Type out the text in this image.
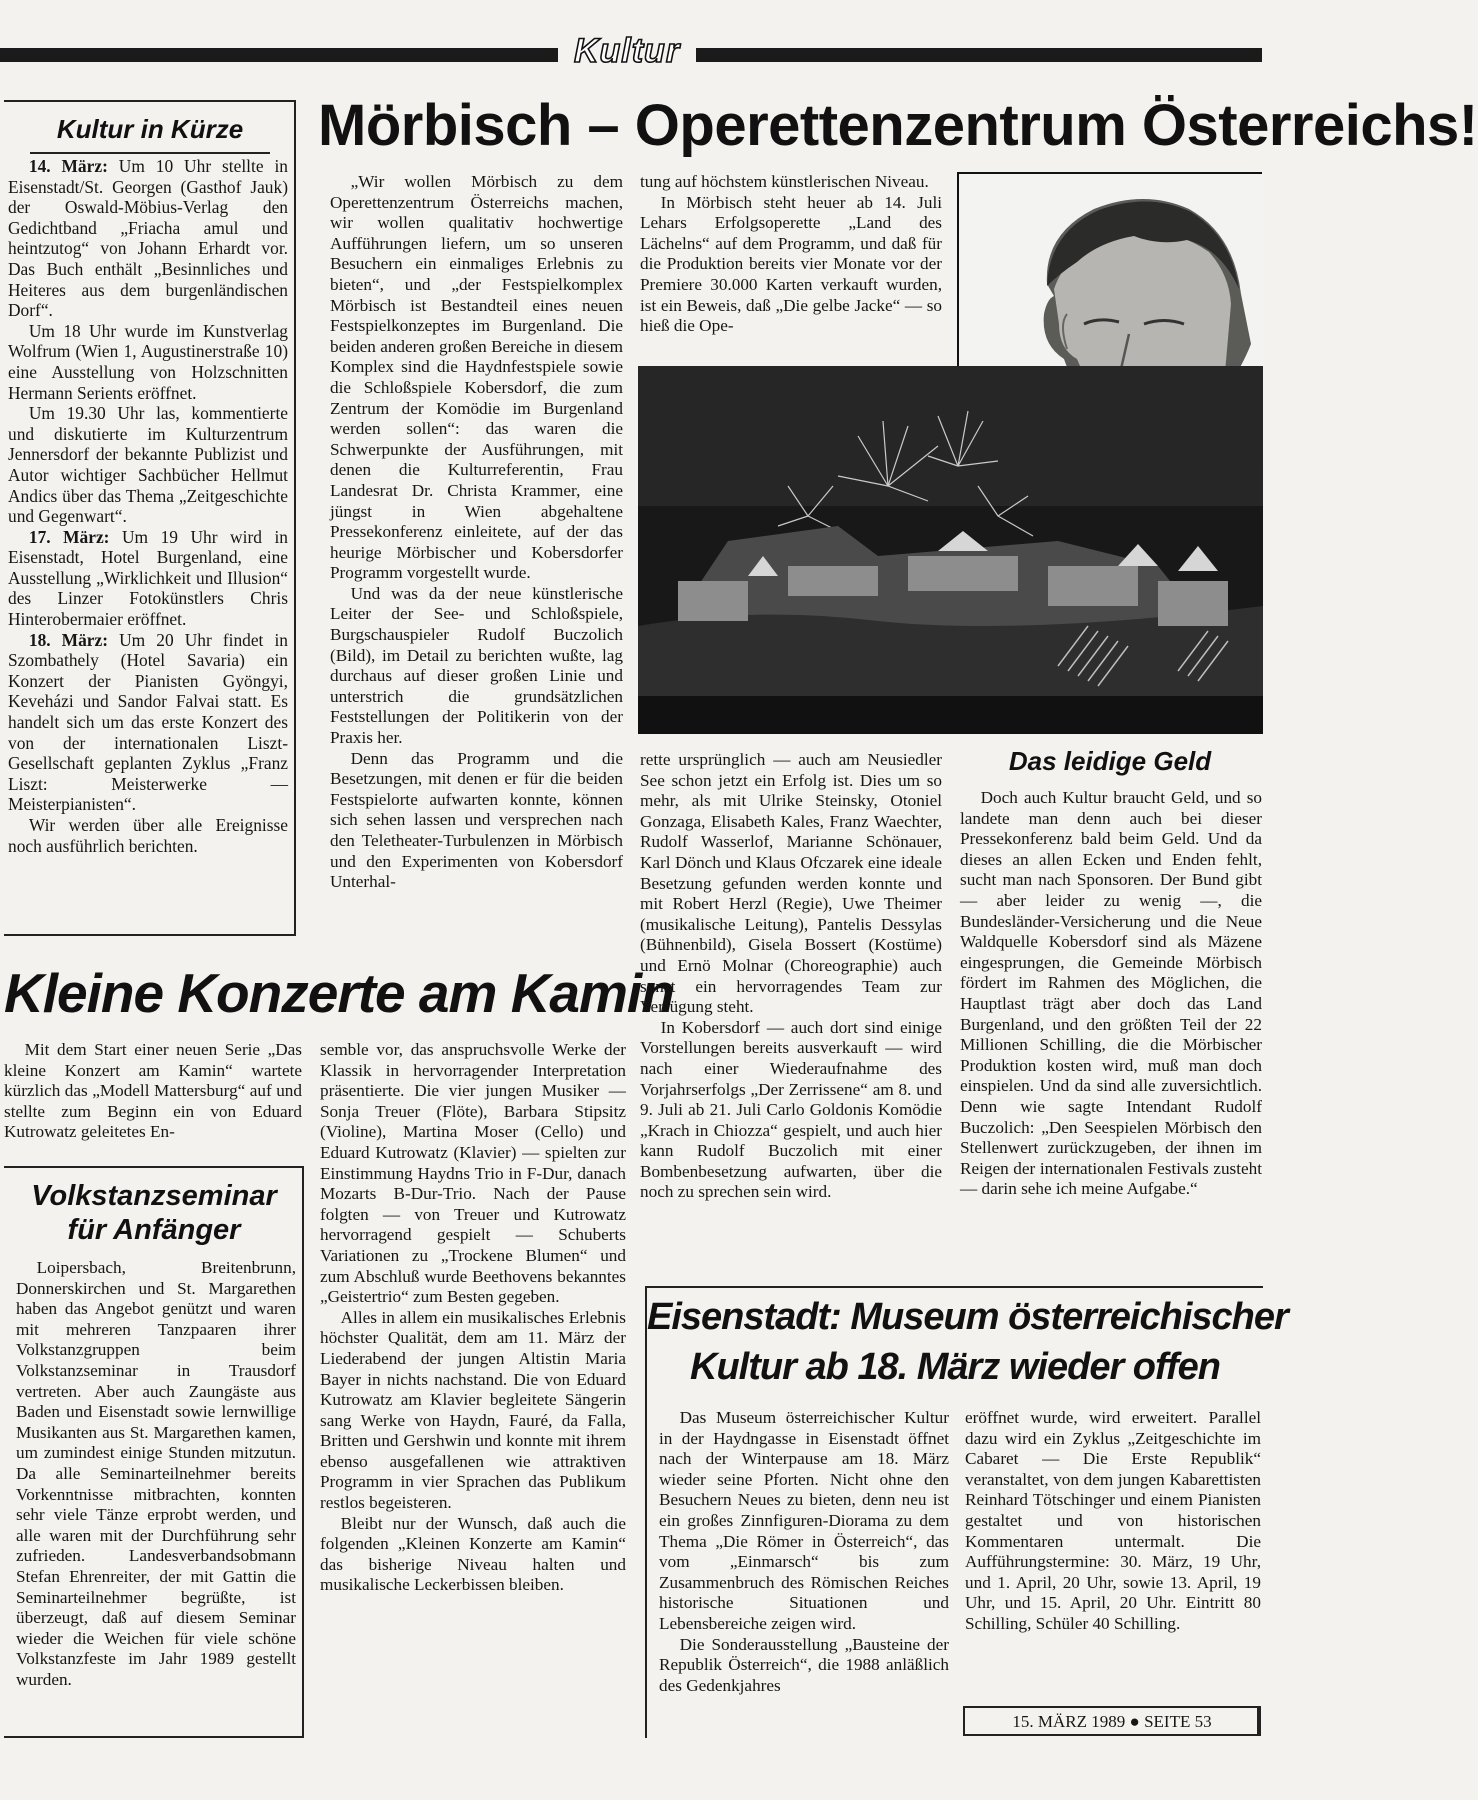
Kultur
Kultur in Kürze

14. März: Um 10 Uhr stellte in Eisenstadt/St. Georgen (Gasthof Jauk) der Oswald-Möbius-Verlag den Gedichtband „Friacha amul und heintzutog“ von Johann Erhardt vor. Das Buch enthält „Besinnliches und Heiteres aus dem burgenländischen Dorf“.

Um 18 Uhr wurde im Kunstverlag Wolfrum (Wien 1, Augustinerstraße 10) eine Ausstellung von Holzschnitten Hermann Serients eröffnet.

Um 19.30 Uhr las, kommentierte und diskutierte im Kulturzentrum Jennersdorf der bekannte Publizist und Autor wichtiger Sachbücher Hellmut Andics über das Thema „Zeitgeschichte und Gegenwart“.

17. März: Um 19 Uhr wird in Eisenstadt, Hotel Burgenland, eine Ausstellung „Wirklichkeit und Illusion“ des Linzer Fotokünstlers Chris Hinterobermaier eröffnet.

18. März: Um 20 Uhr findet in Szombathely (Hotel Savaria) ein Konzert der Pianisten Gyöngyi, Keveházi und Sandor Falvai statt. Es handelt sich um das erste Konzert des von der internationalen Liszt-Gesellschaft geplanten Zyklus „Franz Liszt: Meisterwerke — Meisterpianisten“.

Wir werden über alle Ereignisse noch ausführlich berichten.

Mörbisch – Operettenzentrum Österreichs!

„Wir wollen Mörbisch zu dem Operettenzentrum Österreichs machen, wir wollen qualitativ hochwertige Aufführungen liefern, um so unseren Besuchern ein einmaliges Erlebnis zu bieten“, und „der Festspielkomplex Mörbisch ist Bestandteil eines neuen Festspielkonzeptes im Burgenland. Die beiden anderen großen Bereiche in diesem Komplex sind die Haydnfestspiele sowie die Schloßspiele Kobersdorf, die zum Zentrum der Komödie im Burgenland werden sollen“: das waren die Schwerpunkte der Ausführungen, mit denen die Kulturreferentin, Frau Landesrat Dr. Christa Krammer, eine jüngst in Wien abgehaltene Pressekonferenz einleitete, auf der das heurige Mörbischer und Kobersdorfer Programm vorgestellt wurde.

Und was da der neue künstlerische Leiter der See- und Schloßspiele, Burgschauspieler Rudolf Buczolich (Bild), im Detail zu berichten wußte, lag durchaus auf dieser großen Linie und unterstrich die grundsätzlichen Feststellungen der Politikerin von der Praxis her.

Denn das Programm und die Besetzungen, mit denen er für die beiden Festspielorte aufwarten konnte, können sich sehen lassen und versprechen nach den Teletheater-Turbulenzen in Mörbisch und den Experimenten von Kobersdorf Unterhal-

tung auf höchstem künstlerischen Niveau.

In Mörbisch steht heuer ab 14. Juli Lehars Erfolgsoperette „Land des Lächelns“ auf dem Programm, und daß für die Produktion bereits vier Monate vor der Premiere 30.000 Karten verkauft wurden, ist ein Beweis, daß „Die gelbe Jacke“ — so hieß die Ope-

rette ursprünglich — auch am Neusiedler See schon jetzt ein Erfolg ist. Dies um so mehr, als mit Ulrike Steinsky, Otoniel Gonzaga, Elisabeth Kales, Franz Waechter, Rudolf Wasserlof, Marianne Schönauer, Karl Dönch und Klaus Ofczarek eine ideale Besetzung gefunden werden konnte und mit Robert Herzl (Regie), Uwe Theimer (musikalische Leitung), Pantelis Dessylas (Bühnenbild), Gisela Bossert (Kostüme) und Ernö Molnar (Choreographie) auch sonst ein hervorragendes Team zur Verfügung steht.

In Kobersdorf — auch dort sind einige Vorstellungen bereits ausverkauft — wird nach einer Wiederaufnahme des Vorjahrserfolgs „Der Zerrissene“ am 8. und 9. Juli ab 21. Juli Carlo Goldonis Komödie „Krach in Chiozza“ gespielt, und auch hier kann Rudolf Buczolich mit einer Bombenbesetzung aufwarten, über die noch zu sprechen sein wird.

Das leidige Geld

Doch auch Kultur braucht Geld, und so landete man denn auch bei dieser Pressekonferenz bald beim Geld. Und da dieses an allen Ecken und Enden fehlt, sucht man nach Sponsoren. Der Bund gibt — aber leider zu wenig —, die Bundesländer-Versicherung und die Neue Waldquelle Kobersdorf sind als Mäzene eingesprungen, die Gemeinde Mörbisch fördert im Rahmen des Möglichen, die Hauptlast trägt aber doch das Land Burgenland, und den größten Teil der 22 Millionen Schilling, die die Mörbischer Produktion kosten wird, muß man doch einspielen. Und da sind alle zuversichtlich. Denn wie sagte Intendant Rudolf Buczolich: „Den Seespielen Mörbisch den Stellenwert zurückzugeben, der ihnen im Reigen der internationalen Festivals zusteht — darin sehe ich meine Aufgabe.“

Kleine Konzerte am Kamin

Mit dem Start einer neuen Serie „Das kleine Konzert am Kamin“ wartete kürzlich das „Modell Mattersburg“ auf und stellte zum Beginn ein von Eduard Kutrowatz geleitetes En-

semble vor, das anspruchsvolle Werke der Klassik in hervorragender Interpretation präsentierte. Die vier jungen Musiker — Sonja Treuer (Flöte), Barbara Stipsitz (Violine), Martina Moser (Cello) und Eduard Kutrowatz (Klavier) — spielten zur Einstimmung Haydns Trio in F-Dur, danach Mozarts B-Dur-Trio. Nach der Pause folgten — von Treuer und Kutrowatz hervorragend gespielt — Schuberts Variationen zu „Trockene Blumen“ und zum Abschluß wurde Beethovens bekanntes „Geistertrio“ zum Besten gegeben.

Alles in allem ein musikalisches Erlebnis höchster Qualität, dem am 11. März der Liederabend der jungen Altistin Maria Bayer in nichts nachstand. Die von Eduard Kutrowatz am Klavier begleitete Sängerin sang Werke von Haydn, Fauré, da Falla, Britten und Gershwin und konnte mit ihrem ebenso ausgefallenen wie attraktiven Programm in vier Sprachen das Publikum restlos begeisteren.

Bleibt nur der Wunsch, daß auch die folgenden „Kleinen Konzerte am Kamin“ das bisherige Niveau halten und musikalische Leckerbissen bleiben.

Volkstanzseminar
für Anfänger

Loipersbach, Breitenbrunn, Donnerskirchen und St. Margarethen haben das Angebot genützt und waren mit mehreren Tanzpaaren ihrer Volkstanzgruppen beim Volkstanzseminar in Trausdorf vertreten. Aber auch Zaungäste aus Baden und Eisenstadt sowie lernwillige Musikanten aus St. Margarethen kamen, um zumindest einige Stunden mitzutun. Da alle Seminarteilnehmer bereits Vorkenntnisse mitbrachten, konnten sehr viele Tänze erprobt werden, und alle waren mit der Durchführung sehr zufrieden. Landesverbandsobmann Stefan Ehrenreiter, der mit Gattin die Seminarteilnehmer begrüßte, ist überzeugt, daß auf diesem Seminar wieder die Weichen für viele schöne Volkstanzfeste im Jahr 1989 gestellt wurden.

Eisenstadt: Museum österreichischer
Kultur ab 18. März wieder offen

Das Museum österreichischer Kultur in der Haydngasse in Eisenstadt öffnet nach der Winterpause am 18. März wieder seine Pforten. Nicht ohne den Besuchern Neues zu bieten, denn neu ist ein großes Zinnfiguren-Diorama zu dem Thema „Die Römer in Österreich“, das vom „Einmarsch“ bis zum Zusammenbruch des Römischen Reiches historische Situationen und Lebensbereiche zeigen wird.

Die Sonderausstellung „Bausteine der Republik Österreich“, die 1988 anläßlich des Gedenkjahres

eröffnet wurde, wird erweitert. Parallel dazu wird ein Zyklus „Zeitgeschichte im Cabaret — Die Erste Republik“ veranstaltet, von dem jungen Kabarettisten Reinhard Tötschinger und einem Pianisten gestaltet und von historischen Kommentaren untermalt. Die Aufführungstermine: 30. März, 19 Uhr, und 1. April, 20 Uhr, sowie 13. April, 19 Uhr, und 15. April, 20 Uhr. Eintritt 80 Schilling, Schüler 40 Schilling.

15. MÄRZ 1989 ● SEITE 53
